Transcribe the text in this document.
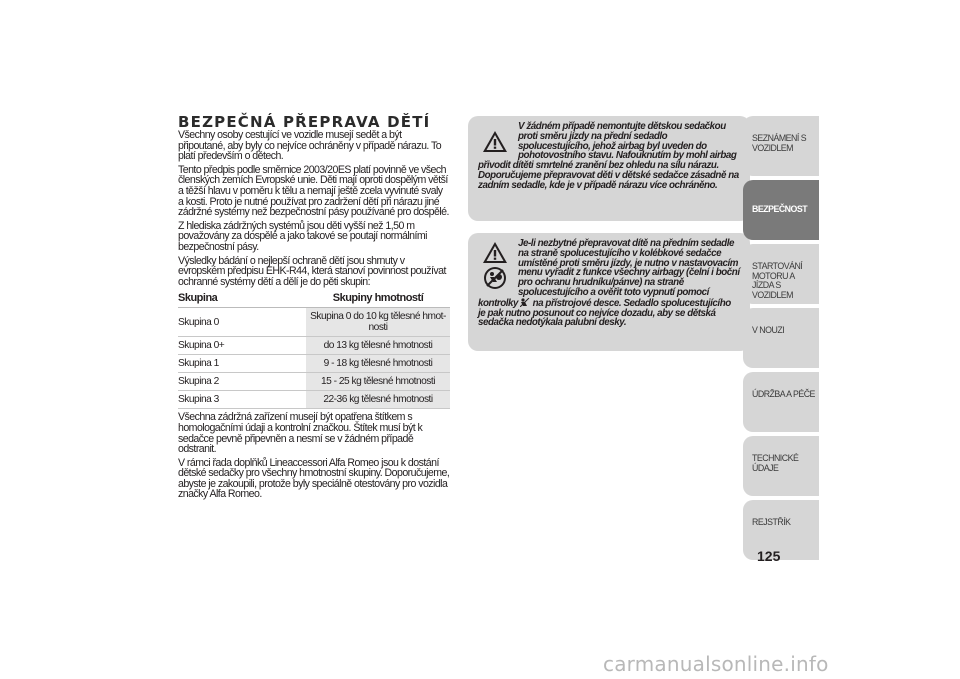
BEZPEČNÁ PŘEPRAVA DĚTÍ

Všechny osoby cestující ve vozidle musejí sedět a být připoutané, aby byly co nejvíce ochráněny v případě nárazu. To platí především o dětech.

Tento předpis podle směrnice 2003/20ES platí povinně ve všech členských zemích Evropské unie. Děti mají oproti dospělým větší a těžší hlavu v poměru k tělu a nemají ještě zcela vyvinuté svaly a kosti. Proto je nutné používat pro zadržení dětí při nárazu jiné zádržné systémy než bezpečnostní pásy používané pro dospělé.

Z hlediska zádržných systémů jsou děti vyšší než 1,50 m považovány za dospělé a jako takové se poutají normálními bezpečnostní pásy.

Výsledky bádání o nejlepší ochraně dětí jsou shrnuty v evropském předpisu EHK-R44, která stanoví povinnost používat ochranné systémy dětí a dělí je do pěti skupin:

Skupina	Skupiny hmotností
Skupina 0	Skupina 0 do 10 kg tělesné hmot-nosti
Skupina 0+	do 13 kg tělesné hmotnosti
Skupina 1	9 - 18 kg tělesné hmotnosti
Skupina 2	15 - 25 kg tělesné hmotnosti
Skupina 3	22-36 kg tělesné hmotnosti

Všechna zádržná zařízení musejí být opatřena štítkem s homologačními údaji a kontrolní značkou. Štítek musí být k sedačce pevně připevněn a nesmí se v žádném případě odstranit.

V rámci řada doplňků Lineaccessori Alfa Romeo jsou k dostání dětské sedačky pro všechny hmotnostní skupiny. Doporučujeme, abyste je zakoupili, protože byly speciálně otestovány pro vozidla značky Alfa Romeo.

V žádném případě nemontujte dětskou sedačkou proti směru jízdy na přední sedadlo spolucestujícího, jehož airbag byl uveden do pohotovostního stavu. Nafouknutím by mohl airbag přivodit dítěti smrtelné zranění bez ohledu na sílu nárazu. Doporučujeme přepravovat děti v dětské sedačce zásadně na zadním sedadle, kde je v případě nárazu více ochráněno.
Je-li nezbytné přepravovat dítě na předním sedadle na straně spolucestujícího v kolébkové sedačce umístěné proti směru jízdy, je nutno v nastavovacím menu vyřadit z funkce všechny airbagy (čelní i boční pro ochranu hrudníku/pánve) na straně spolucestujícího a ověřit toto vypnutí pomocí kontrolky na přístrojové desce. Sedadlo spolucestujícího je pak nutno posunout co nejvíce dozadu, aby se dětská sedačka nedotýkala palubní desky.
SEZNÁMENÍ S VOZIDLEM
BEZPEČNOST
STARTOVÁNÍ MOTORU A JÍZDA S VOZIDLEM
V NOUZI
ÚDRŽBA A PÉČE
TECHNICKÉ ÚDAJE
REJSTŘÍK
125
carmanualsonline.info
